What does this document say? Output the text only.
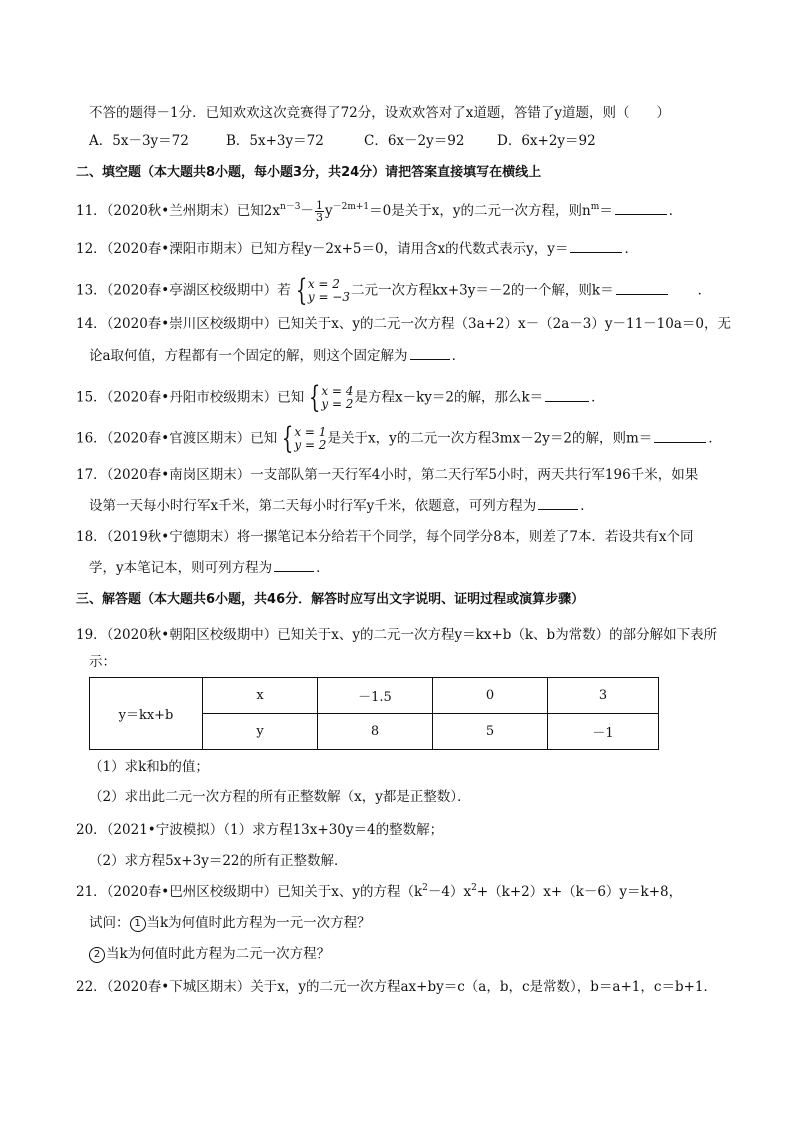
不答的题得－1分．已知欢欢这次竞赛得了72分，设欢欢答对了x道题，答错了y道题，则（　　）
A．5x－3y＝72	B．5x+3y＝72	C．6x－2y＝92 D．6x+2y＝92
二、填空题（本大题共8小题，每小题3分，共24分）请把答案直接填写在横线上
11．（2020秋•兰州期末）已知$2x^{n-3}- \frac{1}{3} y^{-2m+1}=0$是关于x，y的二元一次方程，则$n^m=$	．
12．（2020春•溧阳市期末）已知方程y－2x+5＝0，请用含x的代数式表示y，y＝	．
13．（2020春•亭湖区校级期中）若 { x = 2
y = −3 二元一次方程kx+3y＝－2的一个解，则k＝	．
14．（2020春•崇川区校级期中）已知关于x、y的二元一次方程（3a+2）x－（2a－3）y－11－10a＝0，无
论a取何值，方程都有一个固定的解，则这个固定解为	．
15．（2020春•丹阳市校级期末）已知 { x = 4
y = 2 是方程x－ky＝2的解，那么k＝	．
16．（2020春•官渡区期末）已知 { x = 1
y = 2 是关于x，y的二元一次方程3mx－2y＝2的解，则m＝	．
17．（2020春•南岗区期末）一支部队第一天行军4小时，第二天行军5小时，两天共行军196千米，如果
设第一天每小时行军x千米，第二天每小时行军y千米，依题意，可列方程为	．
18．（2019秋•宁德期末）将一摞笔记本分给若干个同学，每个同学分8本，则差了7本．若设共有x个同
学，y本笔记本，则可列方程为	．
三、解答题（本大题共6小题，共46分．解答时应写出文字说明、证明过程或演算步骤）
19．（2020秋•朝阳区校级期中）已知关于x、y的二元一次方程y＝kx+b（k、b为常数）的部分解如下表所
示：
y＝kx+b	x	－1.5	0	3
	y	8	5	－1
（1）求k和b的值；
（2）求出此二元一次方程的所有正整数解（x，y都是正整数）．
20．（2021•宁波模拟）（1）求方程13x+30y＝4的整数解；
（2）求方程5x+3y＝22的所有正整数解．
21．（2020春•巴州区校级期中）已知关于x、y的方程$(k^2-4)x^2+(k+2)x+(k-6)y=k+8$，
试问： 1 当k为何值时此方程为一元一次方程？
2 当k为何值时此方程为二元一次方程？
22．（2020春•下城区期末）关于x，y的二元一次方程ax+by＝c（a，b，c是常数），b＝a+1，c＝b+1．
